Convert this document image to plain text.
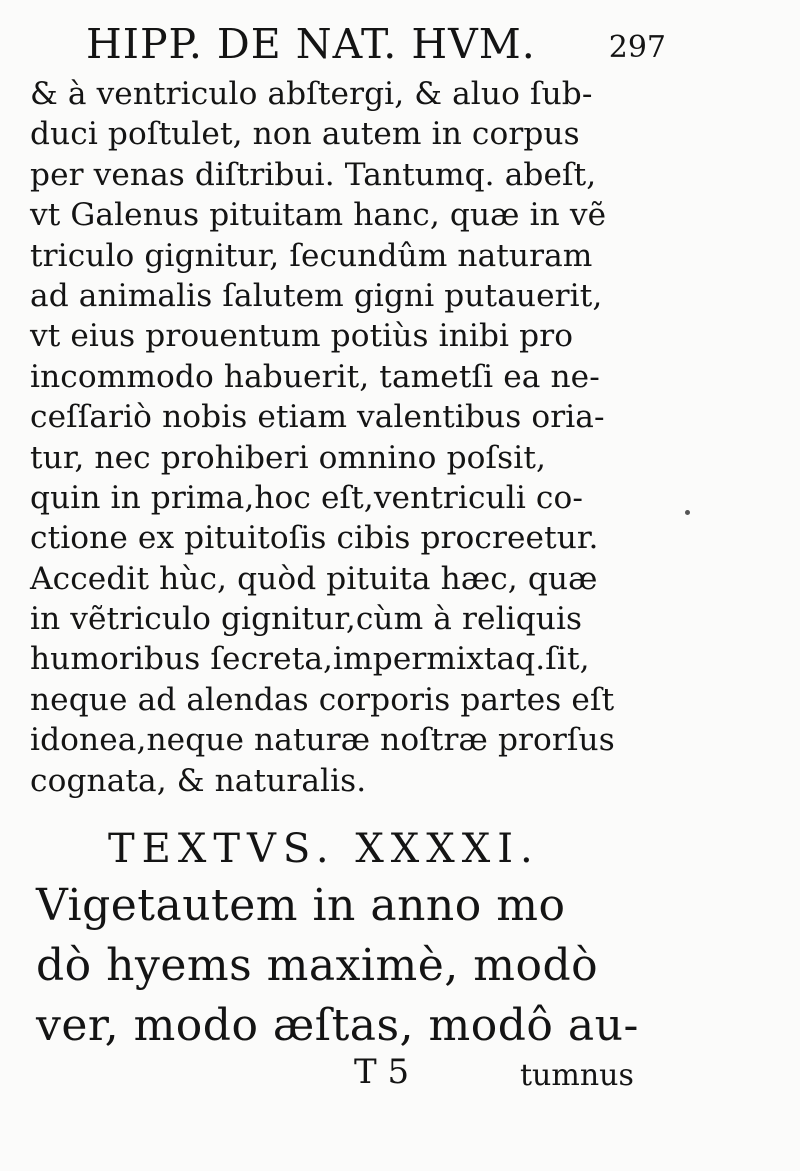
HIPP. DE NAT. HVM. 297
& à ventriculo abſtergi, & aluo ſub-
duci poſtulet, non autem in corpus
per venas diſtribui. Tantumq. abeſt,
vt Galenus pituitam hanc, quæ in vẽ
triculo gignitur, ſecundûm naturam
ad animalis ſalutem gigni putauerit,
vt eius prouentum potiùs inibi pro
incommodo habuerit, tametſi ea ne-
ceſſariò nobis etiam valentibus oria-
tur, nec prohiberi omnino poſsit,
quin in prima,hoc eſt,ventriculi co-
ctione ex pituitoſis cibis procreetur.
Accedit hùc, quòd pituita hæc, quæ
in vẽtriculo gignitur,cùm à reliquis
humoribus ſecreta,impermixtaq.ſit,
neque ad alendas corporis partes eſt
idonea,neque naturæ noſtræ prorſus
cognata, & naturalis.
TEXTVS. XXXXI.
Vigetautem in anno mo
dò hyems maximè, modò
ver, modo æſtas, modô au-
T 5	tumnus
